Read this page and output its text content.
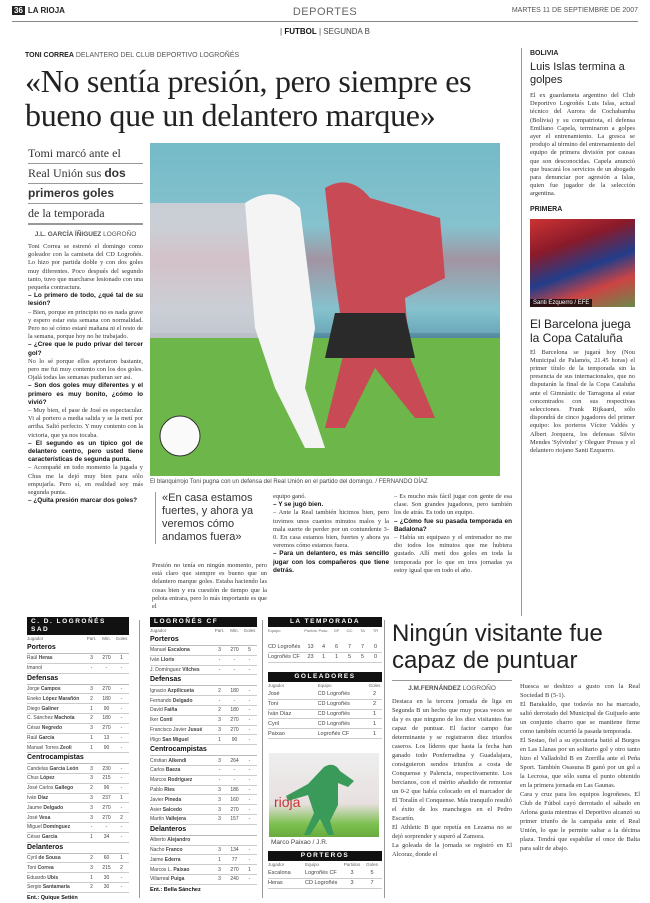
36 LA RIOJA	DEPORTES	MARTES 11 DE SEPTIEMBRE DE 2007
| FUTBOL | SEGUNDA B
TONI CORREA DELANTERO DEL CLUB DEPORTIVO LOGROÑÉS
«No sentía presión, pero siempre es bueno que un delantero marque»
Tomi marcó ante el
Real Unión sus dos
primeros goles
de la temporada
J.L. GARCÍA ÍÑIGUEZ LOGROÑO

Toni Correa se estrenó el domingo como goleador con la camiseta del CD Logroñés. Lo hizo por partida doble y con dos goles muy diferentes. Poco después del segundo tanto, tuvo que marcharse lesionado con una pequeña contractura.

– Lo primero de todo, ¿qué tal de su lesión?

– Bien, porque en principio no es nada grave y espero estar esta semana con normalidad. Pero no sé cómo estaré mañana ni el resto de la semana, porque hoy no he trabajado.

– ¿Cree que le pudo privar del tercer gol?

No lo sé porque ellos apretaron bastante, pero me fui muy contento con los dos goles. Ojalá todas las semanas pudieran ser así.

– Son dos goles muy diferentes y el primero es muy bonito, ¿cómo lo vivió?

– Muy bien, el pase de José es espectacular. Vi al portero a media salida y se la metí por arriba. Salió perfecto. Y muy contento con la victoria, que ya nos tocaba.

– El segundo es un típico gol de delantero centro, pero usted tiene características de segunda punta.

– Acompañé en todo momento la jugada y Chus me la dejó muy bien para sólo empujarla. Pero sí, en realidad soy más segunda punta.

– ¿Quita presión marcar dos goles?

El blanquirrojo Toni pugna con un defensa del Real Unión en el partido del domingo. / FERNANDO DÍAZ
«En casa estamos fuertes, y ahora ya veremos cómo andamos fuera»

Presión no tenía en ningún momento, pero está claro que siempre es bueno que un delantero marque goles. Estaba haciendo las cosas bien y era cuestión de tiempo que la pelota entrara, pero lo más importante es que el

equipo ganó.

– Y se jugó bien.

– Ante la Real también hicimos bien, pero tuvimos unos cuantos minutos malos y la mala suerte de perder por un contundente 3-0. En casa estamos bien, fuertes y ahora ya veremos cómo estamos fuera.

– Para un delantero, es más sencillo jugar con los compañeros que tiene detrás.

– Es mucho más fácil jugar con gente de esa clase. Son grandes jugadores, pero también los de atrás. Es todo un equipo.

– ¿Cómo fue su pasada temporada en Badalona?

– Había un equipazo y el entrenador no me dio todos los minutos que me hubiera gustado. Allí metí dos goles en toda la temporada por lo que en tres jornadas ya estoy igual que en todo el año.

BOLIVIA
Luis Islas termina a golpes
El ex guardameta argentino del Club Deportivo Logroñés Luis Islas, actual técnico del Aurora de Cochabamba (Bolivia) y su compatriota, el defensa Emiliano Capela, terminaron a golpes ayer el entrenamiento. La gresca se produjo al término del entrenamiento del equipo de primera división por causas que son desconocidas. Capela anunció que buscará los servicios de un abogado para denunciar por agresión a Islas, quien fue jugador de la selección argentina.
PRIMERA
Santi Ezquerro / EFE
El Barcelona juega la Copa Cataluña
El Barcelona se jugará hoy (Nou Municipal de Palamós, 21.45 horas) el primer título de la temporada sin la presencia de sus internacionales, que no disputarán la final de la Copa Cataluña ante el Gimnàstic de Tarragona al estar concentrados con sus respectivas selecciones. Frank Rijkaard, sólo dispondrá de cinco jugadores del primer equipo: los porteros Víctor Valdés y Albert Jorquera, los defensas Silvio Mendes 'Sylvinho' y Oleguer Presas y el delantero riojano Santi Ezquerro.
C. D. LOGROÑÉS SAD
Jugador	Part.	Min.	Goles
Porteros
Raúl Heras	3	270	1
Imanol	-	-	-
Defensas
Jorge Campos	3	270	-
Eneko López Marañón	2	180	-
Diego Galiner	1	90	-
C. Sánchez Machota	2	180	-
César Negredo	3	270	-
Raúl García	1	13	-
Manuel Torres Zeoli	1	90	-
Centrocampistas
Candelas García León	3	230	-
Chus López	3	215	-
José Carlos Gallego	2	96	-
Iván Díaz	3	237	1
Jaume Delgado	3	270	-
José Vesa	3	270	2
Miguel Domínguez	-	-	-
César García	1	34	-
Delanteros
Cyril de Sousa	2	60	1
Toni Correa	3	215	2
Eduardo Ubis	1	30	-
Sergio Santamaría	2	30	-
Ent.: Quique Setién
LOGROÑÉS CF
Jugador	Part.	Min.	Goles
Porteros
Manuel Escalona	3	270	5
Iván Lloris	-	-	-
J. Domínguez Vilches	-	-	-
Defensas
Ignacio Azpilicueta	2	180	-
Fernando Delgado	-	-	-
David Faiña	2	180	-
Iker Conti	3	270	-
Francisco Javier Jusué	3	270	-
Iñigo San Miguel	1	90	-
Centrocampistas
Cristian Alkendi	3	264	-
Carlos Baeza	-	-	-
Marcos Rodríguez	-	-	-
Pablo Ries	3	186	-
Javier Pineda	3	160	-
Asier Salcedo	3	270	-
Martín Vallejera	3	157	-
Delanteros
Alberto Alejandro
Nacho Franco	3	134	-
Jaime Ederra	1	77	-
Marcos L. Paixao	3	270	1
Villarreal Puiga	3	240	-
Ent.: Bella Sánchez
LA TEMPORADA
Equipo	Puntos Posc.	GF	GC	TA	TR
CD Logroñés	13	4	6	7	7	0
Logroñés CF	23	1	1	5	5	0
GOLEADORES
Jugador	Equipo	Goles
José	CD Logroñés	2
Toni	CD Logroñés	2
Iván Díaz	CD Logroñés	1
Cyril	CD Logroñés	1
Paixao	Logroñés CF	1
rioja
Marco Paixao / J.R.
PORTEROS
Jugador	Equipo	Partidos	Goles
Escalona	Logroñés CF	3	5
Heras	CD Logroñés	3	7
Ningún visitante fue capaz de puntuar
J.M.FERNÁNDEZ LOGROÑO
Destaca en la tercera jornada de liga en Segunda B un hecho que muy pocas veces se da y es que ninguno de los diez visitantes fue capaz de puntuar. El factor campo fue determinante y se registraron diez triunfos caseros. Los líderes que hasta la fecha han ganado todo Ponferradina y Guadalajara, consiguieron sendos triunfos a costa de Conquense y Palencia, respectivamente. Los bercianos, con el mérito añadido de remontar un 0-2 que había colocado en el marcador de El Toralín el Conquense. Más tranquilo resultó el éxito de los manchegos en el Pedro Escartín.
El Athletic B que repetía en Lezama no se dejó sorprender y superó al Zamora.
La goleada de la jornada se registró en El Alcoraz, donde el
Huesca se deshizo a gusto con la Real Sociedad B (5-1).
El Barakaldo, que todavía no ha marcado, salió derrotado del Municipal de Guijuelo ante un conjunto charro que se mantiene firme como también ocurrió la pasada temporada.
El Sestao, fiel a su ejecutoria batió al Burgos en Las Llanas por un solitario gol y otro tanto hizo el Valladolid B en Zorrilla ante el Peña Sport. También Osasuna B ganó por un gol a la Lecrosa, que sólo suma el punto obtenido en la primera jornada en Las Gaunas.
Cara y cruz para los equipos logroñeses. El Club de Fútbol cayó derrotado el sábado en Arlona gusta mientras el Deportivo alcanzó su primer triunfo de la campaña ante el Real Unión, lo que le permite saltar a la décima plaza. Tendrá que espabilar el once de Balta para salir de abajo.
